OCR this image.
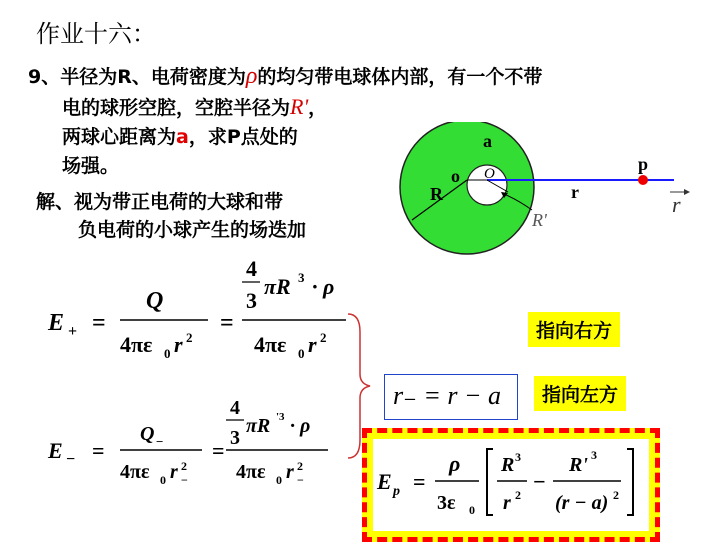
作业十六：
9、半径为R、电荷密度为ρ的均匀带电球体内部，有一个不带
电的球形空腔，空腔半径为R'，
两球心距离为a，求P点处的
场强。
解、视为带正电荷的大球和带
负电荷的小球产生的场迭加
a
o O	p
R	r	r
R'
E + =
Q
4πε 0 r 2
=
4
3
πR 3 · ρ
4πε 0 r 2
E − =
Q −
4πε 0 r 2
−
=
4
3
πR '3 · ρ
4πε 0 r 2
−
指向右方
指向左方
r₋ = r − a
E p =
ρ
3ε 0
R 3
r 2
−
R' 3
(r − a) 2
